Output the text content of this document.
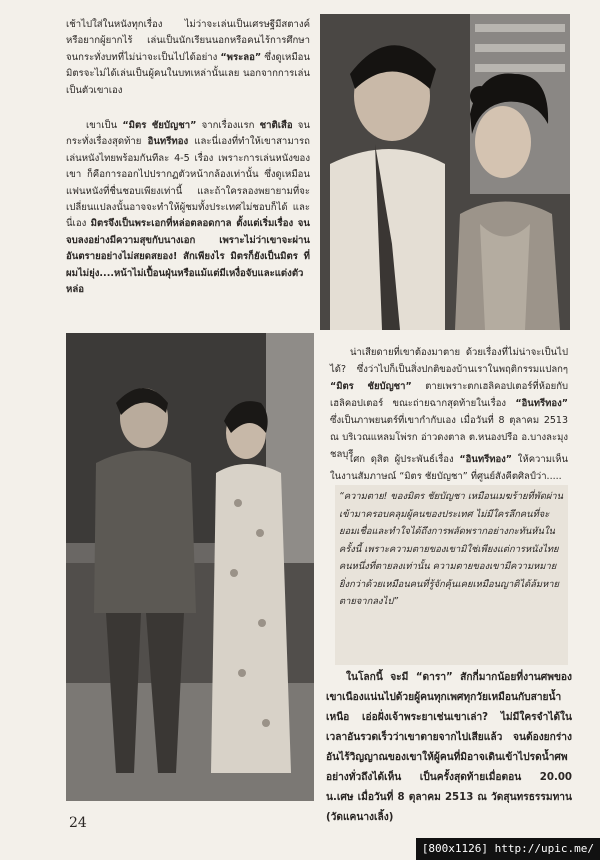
เช้าไปใส่ในหนังทุกเรื่อง ไม่ว่าจะเล่นเป็นเศรษฐีมีสตางค์ หรือยากผู้ยากไร้ เล่นเป็นนักเรียนนอกหรือคนไร้การศึกษา จนกระทั่งบทที่ไม่น่าจะเป็นไปได้อย่าง “พระลอ” ซึ่งดูเหมือนมิตรจะไม่ได้เล่นเป็นผู้คนในบทเหล่านั้นเลย นอกจากการเล่นเป็นตัวเขาเอง

เขาเป็น “มิตร ชัยบัญชา” จากเรื่องแรก ชาติเสือ จนกระทั่งเรื่องสุดท้าย อินทรีทอง และนี่เองที่ทำให้เขาสามารถเล่นหนังไทยพร้อมกันทีละ 4-5 เรื่อง เพราะการเล่นหนังของเขา ก็คือการออกไปปรากฏตัวหน้ากล้องเท่านั้น ซึ่งดูเหมือนแฟนหนังที่ชื่นชอบเพียงเท่านี้ และถ้าใครลองพยายามที่จะ เปลี่ยนแปลงนั้นอาจจะทำให้ผู้ชมทั้งประเทศไม่ชอบก็ได้ และนี่เอง มิตรจึงเป็นพระเอกที่หล่อตลอดกาล ตั้งแต่เริ่มเรื่อง จนจบลงอย่างมีความสุขกับนางเอก เพราะไม่ว่าเขาจะผ่านอันตรายอย่างไม่สยดสยอง! สักเพียงไร มิตรก็ยังเป็นมิตร ที่ผมไม่ยุ่ง....หน้าไม่เปื้อนฝุ่นหรือแม้แต่มีเหงื่อจับและแต่งตัวหล่อ

น่าเสียดายที่เขาต้องมาตาย ด้วยเรื่องที่ไม่น่าจะเป็นไปได้? ซึ่งว่าไปก็เป็นสิ่งปกติของบ้านเราในพฤติกรรมแปลกๆ “มิตร ชัยบัญชา” ตายเพราะตกเฮลิคอปเตอร์ที่ห้อยกับ เฮลิคอปเตอร์ ขณะถ่ายฉากสุดท้ายในเรื่อง “อินทรีทอง” ซึ่งเป็นภาพยนตร์ที่เขากำกับเอง เมื่อวันที่ 8 ตุลาคม 2513 ณ บริเวณแหลมโพ่รก อ่าวดงตาล ต.หนองปรือ อ.บางละมุง ชลบุรี

เศก ดุสิต ผู้ประพันธ์เรื่อง “อินทรีทอง” ให้ความเห็นในงานสัมภาษณ์ “มิตร ชัยบัญชา” ที่ศูนย์สังคีตศิลป์ว่า.....

“ความตาย! ของมิตร ชัยบัญชา เหมือนเมฆร้ายที่พัดผ่านเข้ามาครอบคลุมผู้คนของประเทศ ไม่มีใครลึกคนที่จะยอมเชื่อและทำใจได้ถึงการพลัดพรากอย่างกะทันหันในครั้งนี้ เพราะความตายของเขามิใช่เพียงแต่การหนังไทย คนหนึ่งที่ตายลงเท่านั้น ความตายของเขามีความหมายยิ่งกว่าด้วยเหมือนคนที่รู้จักคุ้นเคยเหมือนญาติได้ล้มหายตายจากลงไป”

ในโลกนี้ จะมี “ดารา” สักกี่มากน้อยที่งานศพของเขาเนืองแน่นไปด้วยผู้คนทุกเพศทุกวัยเหมือนกับสายน้ำเหนือ เอ่อฝั่งเจ้าพระยาเช่นเขาเล่า? ไม่มีใครจำได้ในเวลาอันรวดเร็วว่าเขาตายจากไปเสียแล้ว จนต้องยกร่างอันไร้วิญญาณของเขาให้ผู้คนที่มิอาจเดินเข้าไปรดน้ำศพอย่างทั่วถึงได้เห็น เป็นครั้งสุดท้ายเมื่อตอน 20.00 น.เศษ เมื่อวันที่ 8 ตุลาคม 2513 ณ วัดสุนทรธรรมทาน (วัดแคนางเลิ้ง)

24
[800x1126] http://upic.me/
